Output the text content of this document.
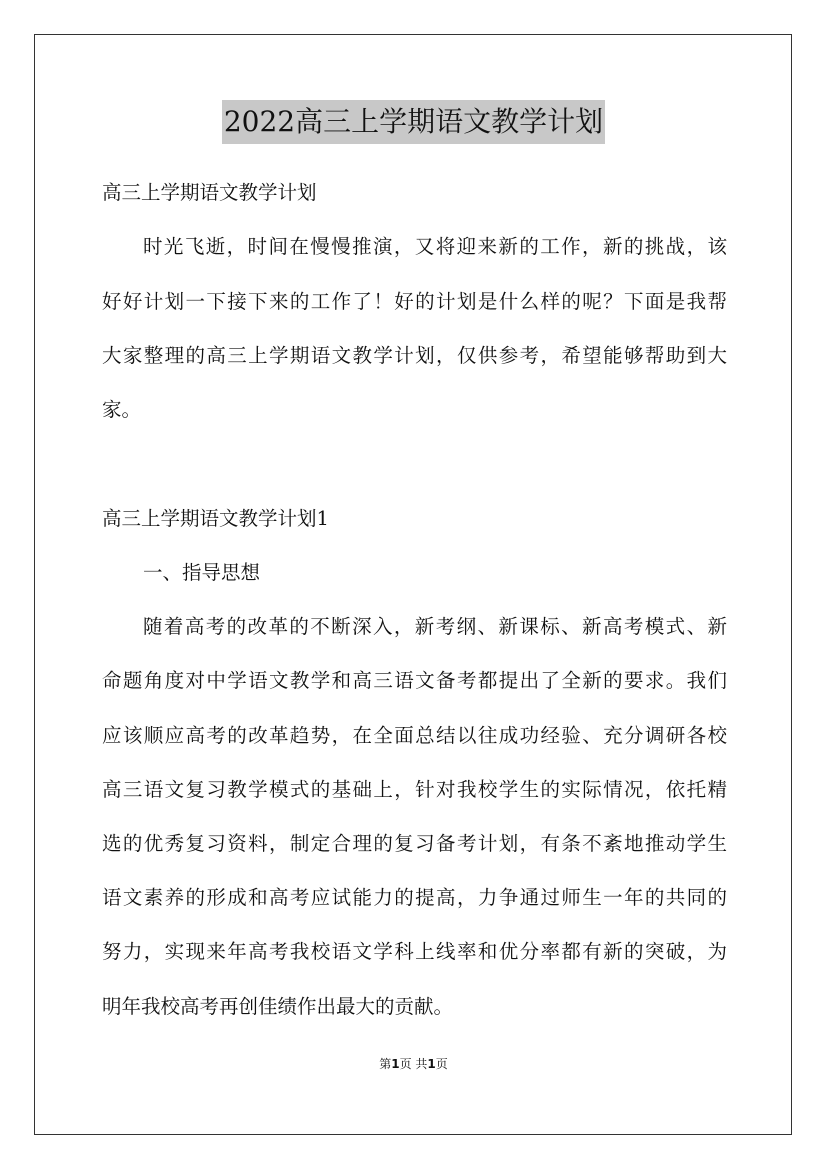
2022高三上学期语文教学计划
高三上学期语文教学计划
时光飞逝，时间在慢慢推演，又将迎来新的工作，新的挑战，该
好好计划一下接下来的工作了！好的计划是什么样的呢？下面是我帮
大家整理的高三上学期语文教学计划，仅供参考，希望能够帮助到大
家。
高三上学期语文教学计划1
一、指导思想
随着高考的改革的不断深入，新考纲、新课标、新高考模式、新
命题角度对中学语文教学和高三语文备考都提出了全新的要求。我们
应该顺应高考的改革趋势，在全面总结以往成功经验、充分调研各校
高三语文复习教学模式的基础上，针对我校学生的实际情况，依托精
选的优秀复习资料，制定合理的复习备考计划，有条不紊地推动学生
语文素养的形成和高考应试能力的提高，力争通过师生一年的共同的
努力，实现来年高考我校语文学科上线率和优分率都有新的突破，为
明年我校高考再创佳绩作出最大的贡献。
第1页 共1页
